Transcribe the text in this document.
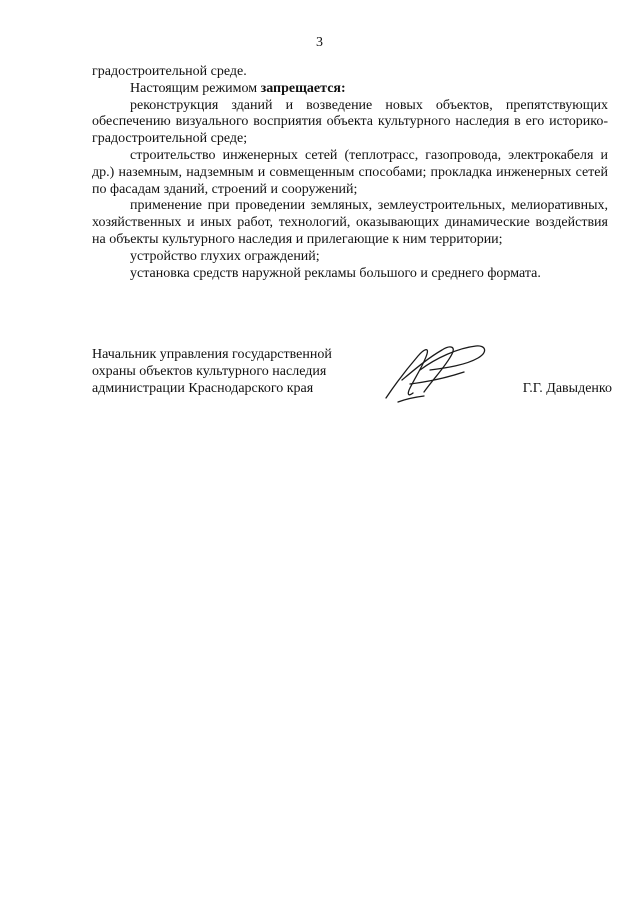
3

градостроительной среде.

Настоящим режимом запрещается:

реконструкция зданий и возведение новых объектов, препятствующих обеспечению визуального восприятия объекта культурного наследия в его историко-градостроительной среде;

строительство инженерных сетей (теплотрасс, газопровода, электрокабеля и др.) наземным, надземным и совмещенным способами; прокладка инженерных сетей по фасадам зданий, строений и сооружений;

применение при проведении земляных, землеустроительных, мелиоративных, хозяйственных и иных работ, технологий, оказывающих динамические воздействия на объекты культурного наследия и прилегающие к ним территории;

устройство глухих ограждений;

установка средств наружной рекламы большого и среднего формата.

Начальник управления государственной
охраны объектов культурного наследия
администрации Краснодарского края	Г.Г. Давыденко
